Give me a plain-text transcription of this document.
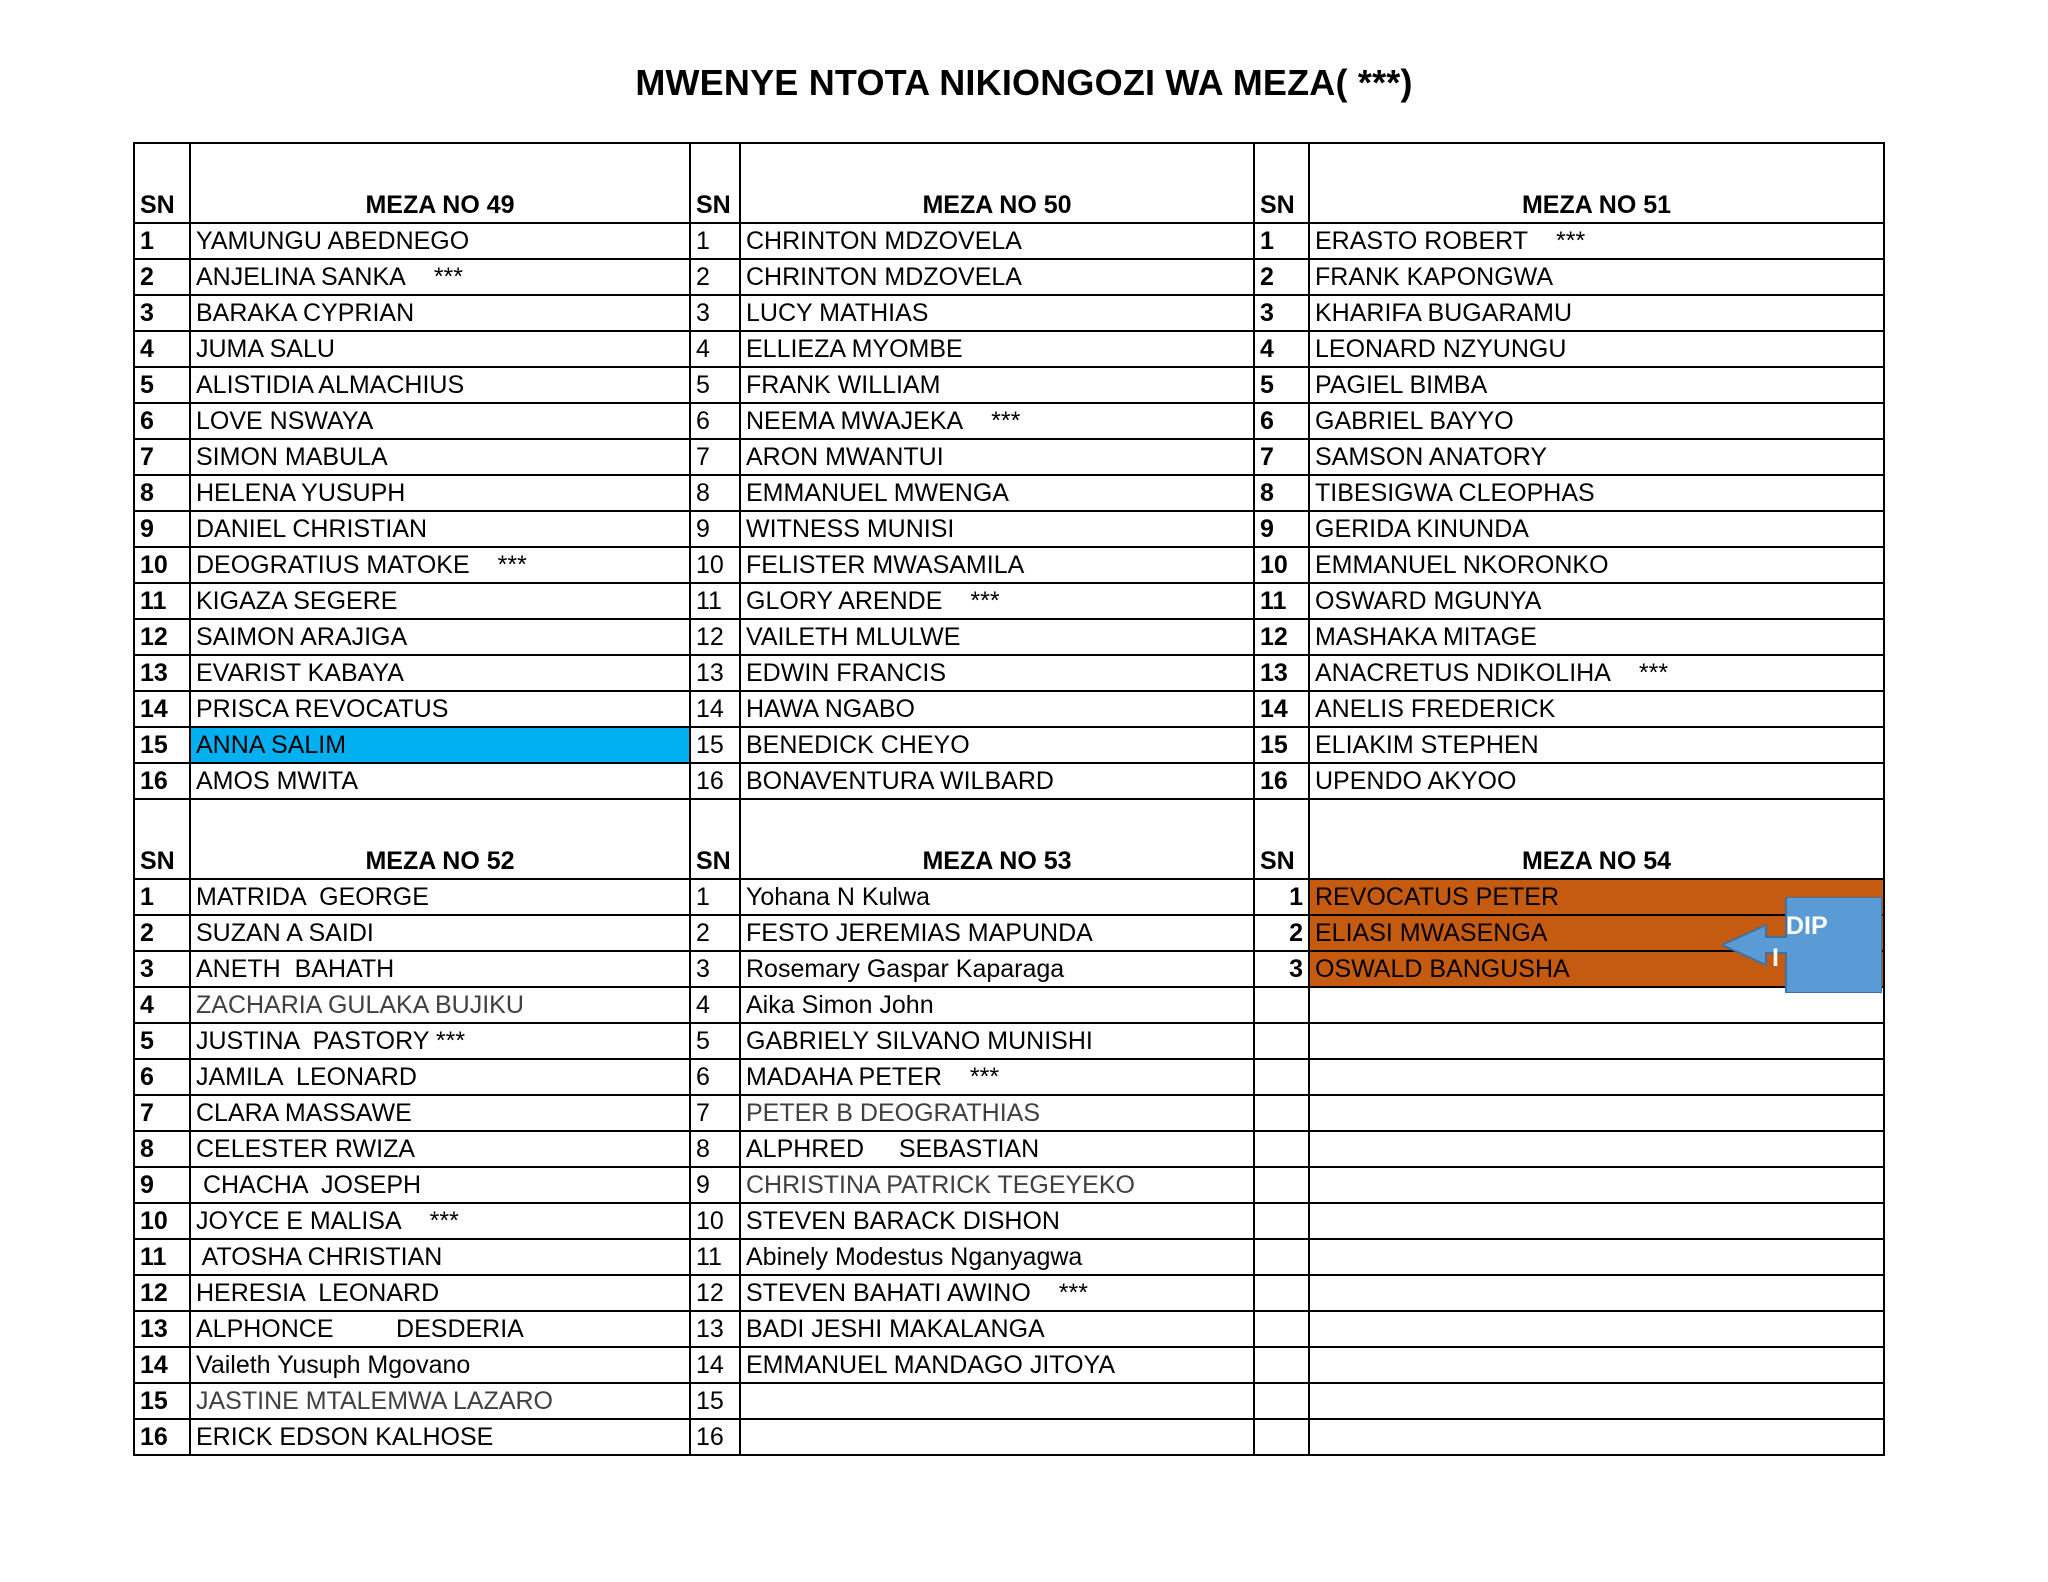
MWENYE NTOTA NIKIONGOZI WA MEZA( ***)
SN	MEZA NO 49	SN	MEZA NO 50	SN	MEZA NO 51
1	YAMUNGU ABEDNEGO	1	CHRINTON MDZOVELA	1	ERASTO ROBERT ***
2	ANJELINA SANKA ***	2	CHRINTON MDZOVELA	2	FRANK KAPONGWA
3	BARAKA CYPRIAN	3	LUCY MATHIAS	3	KHARIFA BUGARAMU
4	JUMA SALU	4	ELLIEZA MYOMBE	4	LEONARD NZYUNGU
5	ALISTIDIA ALMACHIUS	5	FRANK WILLIAM	5	PAGIEL BIMBA
6	LOVE NSWAYA	6	NEEMA MWAJEKA ***	6	GABRIEL BAYYO
7	SIMON MABULA	7	ARON MWANTUI	7	SAMSON ANATORY
8	HELENA YUSUPH	8	EMMANUEL MWENGA	8	TIBESIGWA CLEOPHAS
9	DANIEL CHRISTIAN	9	WITNESS MUNISI	9	GERIDA KINUNDA
10	DEOGRATIUS MATOKE ***	10	FELISTER MWASAMILA	10	EMMANUEL NKORONKO
11	KIGAZA SEGERE	11	GLORY ARENDE ***	11	OSWARD MGUNYA
12	SAIMON ARAJIGA	12	VAILETH MLULWE	12	MASHAKA MITAGE
13	EVARIST KABAYA	13	EDWIN FRANCIS	13	ANACRETUS NDIKOLIHA ***
14	PRISCA REVOCATUS	14	HAWA NGABO	14	ANELIS FREDERICK
15	ANNA SALIM	15	BENEDICK CHEYO	15	ELIAKIM STEPHEN
16	AMOS MWITA	16	BONAVENTURA WILBARD	16	UPENDO AKYOO
SN	MEZA NO 52	SN	MEZA NO 53	SN	MEZA NO 54
1	MATRIDA  GEORGE	1	Yohana N Kulwa	1	REVOCATUS PETER
2	SUZAN A SAIDI	2	FESTO JEREMIAS MAPUNDA	2	ELIASI MWASENGA
3	ANETH  BAHATH	3	Rosemary Gaspar Kaparaga	3	OSWALD BANGUSHA
4	ZACHARIA GULAKA BUJIKU	4	Aika Simon John		
5	JUSTINA  PASTORY ***	5	GABRIELY SILVANO MUNISHI		
6	JAMILA  LEONARD	6	MADAHA PETER ***		
7	CLARA MASSAWE	7	PETER B DEOGRATHIAS		
8	CELESTER RWIZA	8	ALPHRED     SEBASTIAN		
9	CHACHA  JOSEPH	9	CHRISTINA PATRICK TEGEYEKO		
10	JOYCE E MALISA ***	10	STEVEN BARACK DISHON		
11	ATOSHA CHRISTIAN	11	Abinely Modestus Nganyagwa		
12	HERESIA  LEONARD	12	STEVEN BAHATI AWINO ***		
13	ALPHONCE         DESDERIA	13	BADI JESHI MAKALANGA		
14	Vaileth Yusuph Mgovano	14	EMMANUEL MANDAGO JITOYA		
15	JASTINE MTALEMWA LAZARO	15			
16	ERICK EDSON KALHOSE	16			
DIP
I
